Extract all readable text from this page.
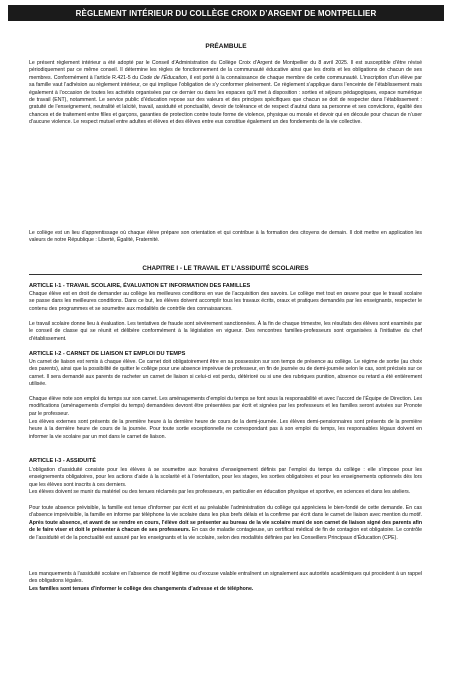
RÈGLEMENT INTÉRIEUR DU COLLÈGE CROIX D’ARGENT DE MONTPELLIER
PRÉAMBULE
Le présent règlement intérieur a été adopté par le Conseil d’Administration du Collège Croix d’Argent de Montpellier du 8 avril 2025. Il est susceptible d’être révisé périodiquement par ce même conseil. Il détermine les règles de fonctionnement de la communauté éducative ainsi que les droits et les obligations de chacun de ses membres. Conformément à l’article R.421-5 du Code de l’Éducation, il est porté à la connaissance de chaque membre de cette communauté. L’inscription d’un élève par sa famille vaut l’adhésion au règlement intérieur, ce qui implique l’obligation de s’y conformer pleinement. Ce règlement s’applique dans l’enceinte de l’établissement mais également à l’occasion de toutes les activités organisées par ce dernier ou dans les espaces qu’il met à disposition : sorties et séjours pédagogiques, espace numérique de travail (ENT), notamment. Le service public d’éducation repose sur des valeurs et des principes spécifiques que chacun se doit de respecter dans l’établissement : gratuité de l’enseignement, neutralité et laïcité, travail, assiduité et ponctualité, devoir de tolérance et de respect d’autrui dans sa personne et ses convictions, égalité des chances et de traitement entre filles et garçons, garanties de protection contre toute forme de violence, physique ou morale et devoir qui en découle pour chacun de n’user d’aucune violence. Le respect mutuel entre adultes et élèves et des élèves entre eux constitue également un des fondements de la vie collective.
Le collège est un lieu d’apprentissage où chaque élève prépare son orientation et qui contribue à la formation des citoyens de demain. Il doit mettre en application les valeurs de notre République : Liberté, Égalité, Fraternité.
CHAPITRE I - LE TRAVAIL ET L’ASSIDUITÉ SCOLAIRES
ARTICLE I-1 - TRAVAIL SCOLAIRE, ÉVALUATION ET INFORMATION DES FAMILLES
Chaque élève est en droit de demander au collège les meilleures conditions en vue de l’acquisition des savoirs. Le collège met tout en œuvre pour que le travail scolaire se passe dans les meilleures conditions. Dans ce but, les élèves doivent accomplir tous les travaux écrits, oraux et pratiques demandés par les enseignants, respecter le contenu des programmes et se soumettre aux modalités de contrôle des connaissances.
Le travail scolaire donne lieu à évaluation. Les tentatives de fraude sont sévèrement sanctionnées. À la fin de chaque trimestre, les résultats des élèves sont examinés par le conseil de classe qui se réunit et délibère conformément à la législation en vigueur. Des rencontres familles-professeurs sont organisées à l’initiative du chef d’établissement.
ARTICLE I-2 - CARNET DE LIAISON ET EMPLOI DU TEMPS
Un carnet de liaison est remis à chaque élève. Ce carnet doit obligatoirement être en sa possession sur son temps de présence au collège. Le régime de sortie (au choix des parents), ainsi que la possibilité de quitter le collège pour une absence imprévue de professeur, en fin de journée ou de demi-journée selon le cas, sont précisés sur ce carnet. Il sera demandé aux parents de racheter un carnet de liaison si celui-ci est perdu, détérioré ou si une des rubriques punition, absence ou retard a été entièrement utilisée.
Chaque élève note son emploi du temps sur son carnet. Les aménagements d’emploi du temps se font sous la responsabilité et avec l’accord de l’Équipe de Direction. Les modifications (aménagements d’emploi du temps) demandées devront être présentées par écrit et signées par les professeurs et les familles seront avisées sur Pronote par le professeur.
Les élèves externes sont présents de la première heure à la dernière heure de cours de la demi-journée. Les élèves demi-pensionnaires sont présents de la première heure à la dernière heure de cours de la journée. Pour toute sortie exceptionnelle ne correspondant pas à son emploi du temps, les responsables légaux doivent en informer la vie scolaire par un mot dans le carnet de liaison.
ARTICLE I-3 - ASSIDUITÉ
L’obligation d’assiduité consiste pour les élèves à se soumettre aux horaires d’enseignement définis par l’emploi du temps du collège : elle s’impose pour les enseignements obligatoires, pour les actions d’aide à la scolarité et à l’orientation, pour les stages, les sorties obligatoires et pour les enseignements optionnels dès lors que les élèves sont inscrits à ces derniers.
Les élèves doivent se munir du matériel ou des tenues réclamés par les professeurs, en particulier en éducation physique et sportive, en sciences et dans les ateliers.
Pour toute absence prévisible, la famille est tenue d’informer par écrit et au préalable l’administration du collège qui appréciera le bien-fondé de cette demande. En cas d’absence imprévisible, la famille en informe par téléphone la vie scolaire dans les plus brefs délais et la confirme par écrit dans le carnet de liaison avec mention du motif. Après toute absence, et avant de se rendre en cours, l’élève doit se présenter au bureau de la vie scolaire muni de son carnet de liaison signé des parents afin de le faire viser et doit le présenter à chacun de ses professeurs. En cas de maladie contagieuse, un certificat médical de fin de contagion est obligatoire. Le contrôle de l’assiduité et de la ponctualité est assuré par les enseignants et la vie scolaire, selon des modalités définies par les Conseillers Principaux d’Éducation (CPE).
Les manquements à l’assiduité scolaire en l’absence de motif légitime ou d’excuse valable entraînent un signalement aux autorités académiques qui procèdent à un rappel des obligations légales.
Les familles sont tenues d’informer le collège des changements d’adresse et de téléphone.
